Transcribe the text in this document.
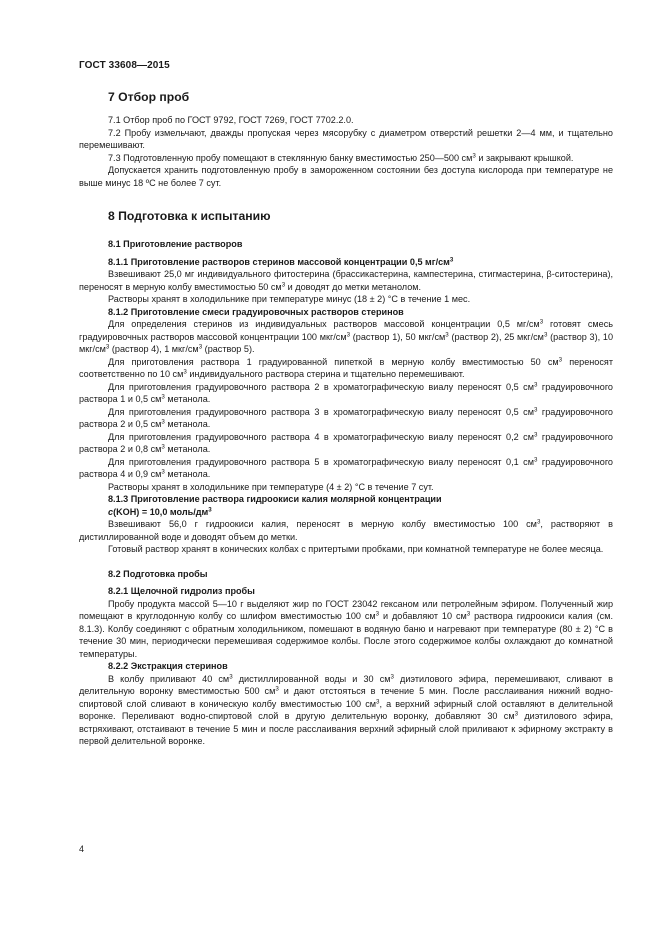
ГОСТ 33608—2015
7 Отбор проб

7.1 Отбор проб по ГОСТ 9792, ГОСТ 7269, ГОСТ 7702.2.0.

7.2 Пробу измельчают, дважды пропуская через мясорубку с диаметром отверстий решетки 2—4 мм, и тщательно перемешивают.

7.3 Подготовленную пробу помещают в стеклянную банку вместимостью 250—500 $см^3$ и закрывают крышкой.

Допускается хранить подготовленную пробу в замороженном состоянии без доступа кислорода при температуре не выше минус 18 ºC не более 7 сут.

8 Подготовка к испытанию
8.1 Приготовление растворов
8.1.1 Приготовление растворов стеринов массовой концентрации 0,5 $мг/см^3$

Взвешивают 25,0 мг индивидуального фитостерина (брассикастерина, кампестерина, стигмастерина, β-ситостерина), переносят в мерную колбу вместимостью 50 $см^3$ и доводят до метки метанолом.

Растворы хранят в холодильнике при температуре минус (18 ± 2) °С в течение 1 мес.

8.1.2 Приготовление смеси градуировочных растворов стеринов

Для определения стеринов из индивидуальных растворов массовой концентрации 0,5 $мг/см^3$ готовят смесь градуировочных растворов массовой концентрации 100 мкг/$см^3$ (раствор 1), 50 мкг/$см^3$ (раствор 2), 25 мкг/$см^3$ (раствор 3), 10 мкг/$см^3$ (раствор 4), 1 мкг/$см^3$ (раствор 5).

Для приготовления раствора 1 градуированной пипеткой в мерную колбу вместимостью 50 $см^3$ переносят соответственно по 10 $см^3$ индивидуального раствора стерина и тщательно перемешивают.

Для приготовления градуировочного раствора 2 в хроматографическую виалу переносят 0,5 $см^3$ градуировочного раствора 1 и 0,5 $см^3$ метанола.

Для приготовления градуировочного раствора 3 в хроматографическую виалу переносят 0,5 $см^3$ градуировочного раствора 2 и 0,5 $см^3$ метанола.

Для приготовления градуировочного раствора 4 в хроматографическую виалу переносят 0,2 $см^3$ градуировочного раствора 2 и 0,8 $см^3$ метанола.

Для приготовления градуировочного раствора 5 в хроматографическую виалу переносят 0,1 $см^3$ градуировочного раствора 4 и 0,9 $см^3$ метанола.

Растворы хранят в холодильнике при температуре (4 ± 2) °С в течение 7 сут.

8.1.3 Приготовление раствора гидроокиси калия молярной концентрации
c(KOH) = 10,0 моль/$дм^3$

Взвешивают 56,0 г гидроокиси калия, переносят в мерную колбу вместимостью 100 $см^3$, растворяют в дистиллированной воде и доводят объем до метки.

Готовый раствор хранят в конических колбах с притертыми пробками, при комнатной температуре не более месяца.

8.2 Подготовка пробы
8.2.1 Щелочной гидролиз пробы

Пробу продукта массой 5—10 г выделяют жир по ГОСТ 23042 гексаном или петролейным эфиром. Полученный жир помещают в круглодонную колбу со шлифом вместимостью 100 $см^3$ и добавляют 10 $см^3$ раствора гидроокиси калия (см. 8.1.3). Колбу соединяют с обратным холодильником, помешают в водяную баню и нагревают при температуре (80 ± 2) °С в течение 30 мин, периодически перемешивая содержимое колбы. После этого содержимое колбы охлаждают до комнатной температуры.

8.2.2 Экстракция стеринов

В колбу приливают 40 $см^3$ дистиллированной воды и 30 $см^3$ диэтилового эфира, перемешивают, сливают в делительную воронку вместимостью 500 $см^3$ и дают отстояться в течение 5 мин. После расслаивания нижний водно-спиртовой слой сливают в коническую колбу вместимостью 100 $см^3$, а верхний эфирный слой оставляют в делительной воронке. Переливают водно-спиртовой слой в другую делительную воронку, добавляют 30 $см^3$ диэтилового эфира, встряхивают, отстаивают в течение 5 мин и после расслаивания верхний эфирный слой приливают к эфирному экстракту в первой делительной воронке.

4
